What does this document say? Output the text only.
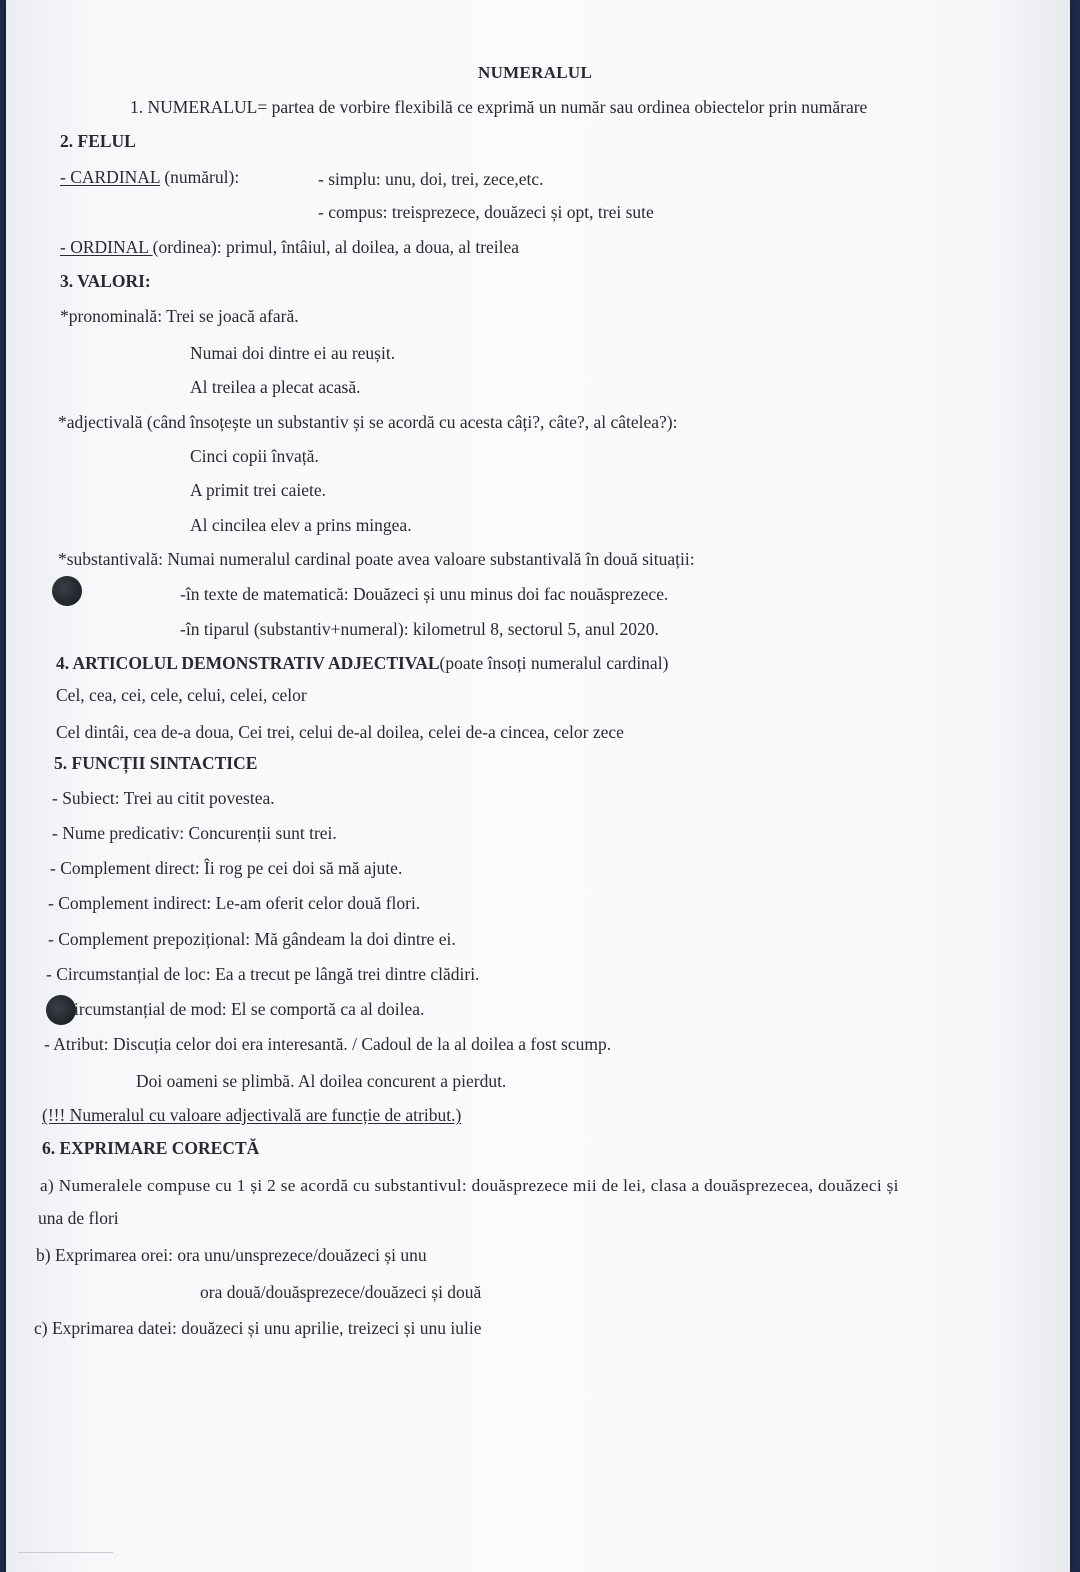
NUMERALUL
1. NUMERALUL= partea de vorbire flexibilă ce exprimă un număr sau ordinea obiectelor prin numărare
2. FELUL
- CARDINAL (numărul):	- simplu: unu, doi, trei, zece,etc.
- compus: treisprezece, douăzeci și opt, trei sute
- ORDINAL (ordinea): primul, întâiul, al doilea, a doua, al treilea
3. VALORI:
*pronominală: Trei se joacă afară.
Numai doi dintre ei au reușit.
Al treilea a plecat acasă.
*adjectivală (când însoțește un substantiv și se acordă cu acesta câți?, câte?, al câtelea?):
Cinci copii învață.
A primit trei caiete.
Al cincilea elev a prins mingea.
*substantivală: Numai numeralul cardinal poate avea valoare substantivală în două situații:
-în texte de matematică: Douăzeci și unu minus doi fac nouăsprezece.
-în tiparul (substantiv+numeral): kilometrul 8, sectorul 5, anul 2020.
4. ARTICOLUL DEMONSTRATIV ADJECTIVAL(poate însoți numeralul cardinal)
Cel, cea, cei, cele, celui, celei, celor
Cel dintâi, cea de-a doua, Cei trei, celui de-al doilea, celei de-a cincea, celor zece
5. FUNCȚII SINTACTICE
- Subiect: Trei au citit povestea.
- Nume predicativ: Concurenții sunt trei.
- Complement direct: Îi rog pe cei doi să mă ajute.
- Complement indirect: Le-am oferit celor două flori.
- Complement prepozițional: Mă gândeam la doi dintre ei.
- Circumstanțial de loc: Ea a trecut pe lângă trei dintre clădiri.
ircumstanțial de mod: El se comportă ca al doilea.
- Atribut: Discuția celor doi era interesantă. / Cadoul de la al doilea a fost scump.
Doi oameni se plimbă. Al doilea concurent a pierdut.
(!!! Numeralul cu valoare adjectivală are funcție de atribut.)
6. EXPRIMARE CORECTĂ
a) Numeralele compuse cu 1 și 2 se acordă cu substantivul: douăsprezece mii de lei, clasa a douăsprezecea, douăzeci și
una de flori
b) Exprimarea orei: ora unu/unsprezece/douăzeci și unu
ora două/douăsprezece/douăzeci și două
c) Exprimarea datei: douăzeci și unu aprilie, treizeci și unu iulie
